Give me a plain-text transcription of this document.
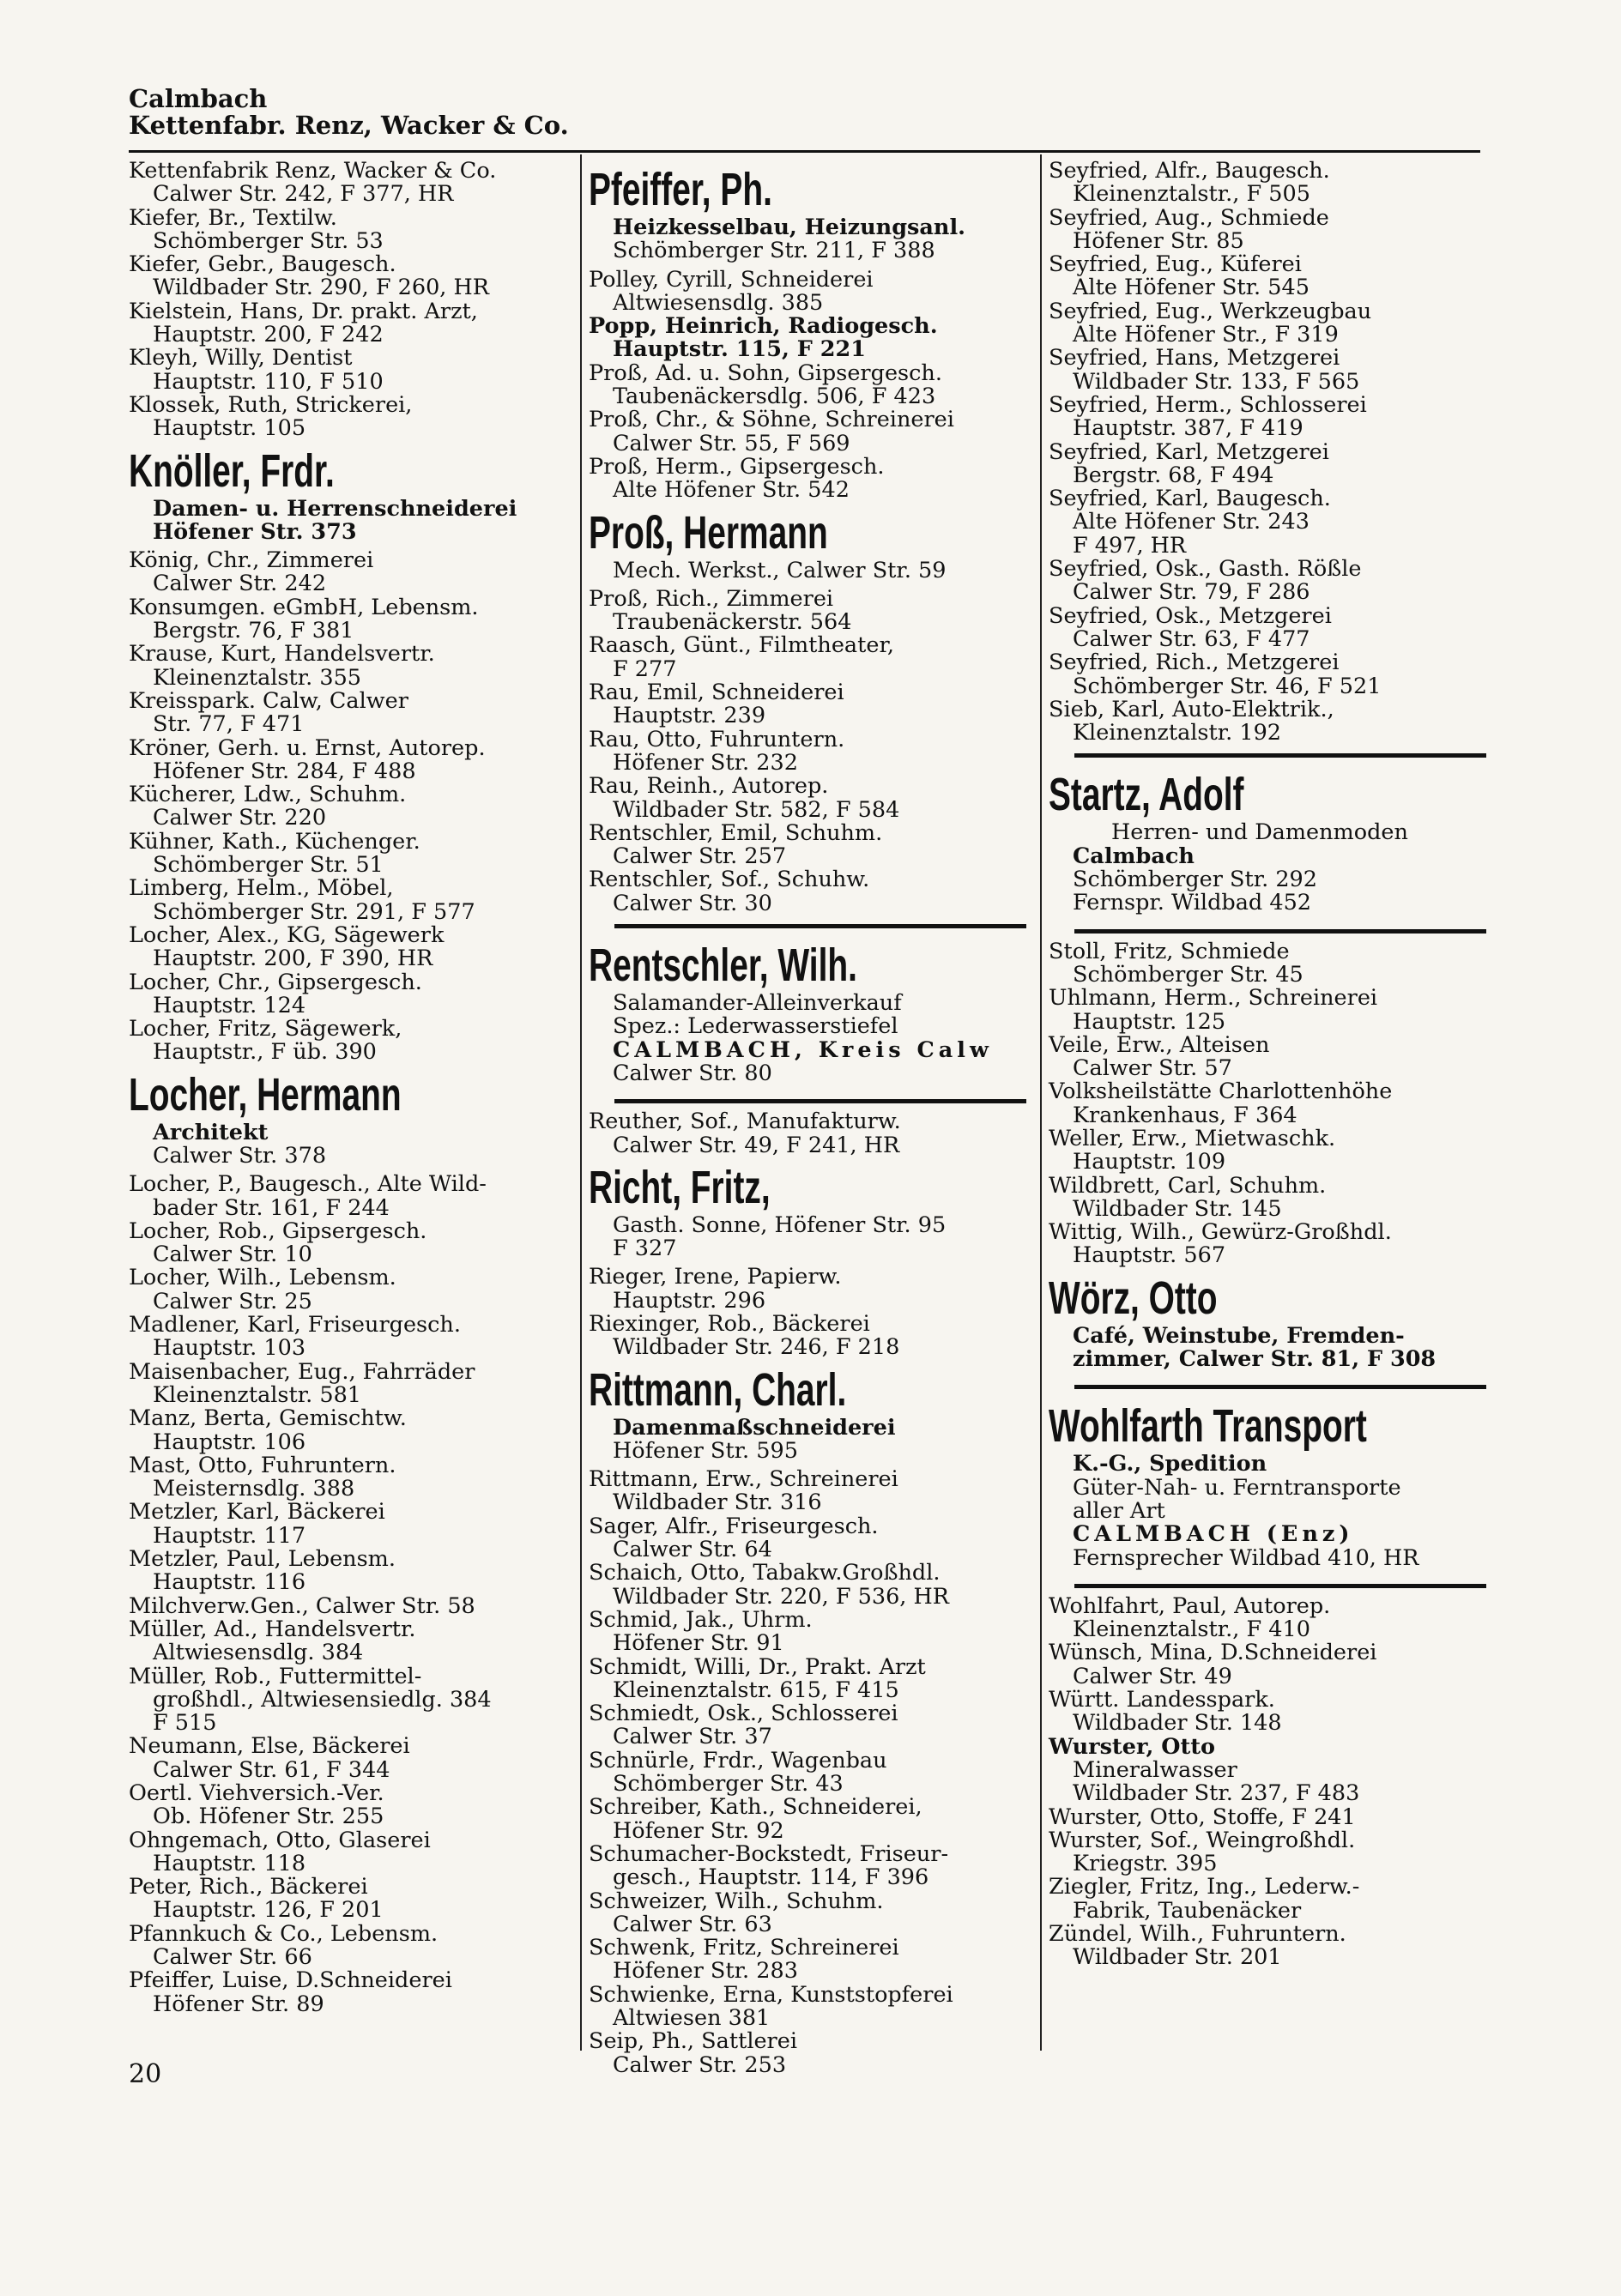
Calmbach
Kettenfabr. Renz, Wacker & Co.
Kettenfabrik Renz, Wacker & Co.
Calwer Str. 242, F 377, HR
Kiefer, Br., Textilw.
Schömberger Str. 53
Kiefer, Gebr., Baugesch.
Wildbader Str. 290, F 260, HR
Kielstein, Hans, Dr. prakt. Arzt,
Hauptstr. 200, F 242
Kleyh, Willy, Dentist
Hauptstr. 110, F 510
Klossek, Ruth, Strickerei,
Hauptstr. 105
Knöller, Frdr.
Damen- u. Herrenschneiderei
Höfener Str. 373
König, Chr., Zimmerei
Calwer Str. 242
Konsumgen. eGmbH, Lebensm.
Bergstr. 76, F 381
Krause, Kurt, Handelsvertr.
Kleinenztalstr. 355
Kreisspark. Calw, Calwer
Str. 77, F 471
Kröner, Gerh. u. Ernst, Autorep.
Höfener Str. 284, F 488
Kücherer, Ldw., Schuhm.
Calwer Str. 220
Kühner, Kath., Küchenger.
Schömberger Str. 51
Limberg, Helm., Möbel,
Schömberger Str. 291, F 577
Locher, Alex., KG, Sägewerk
Hauptstr. 200, F 390, HR
Locher, Chr., Gipsergesch.
Hauptstr. 124
Locher, Fritz, Sägewerk,
Hauptstr., F üb. 390
Locher, Hermann
Architekt
Calwer Str. 378
Locher, P., Baugesch., Alte Wild-
bader Str. 161, F 244
Locher, Rob., Gipsergesch.
Calwer Str. 10
Locher, Wilh., Lebensm.
Calwer Str. 25
Madlener, Karl, Friseurgesch.
Hauptstr. 103
Maisenbacher, Eug., Fahrräder
Kleinenztalstr. 581
Manz, Berta, Gemischtw.
Hauptstr. 106
Mast, Otto, Fuhruntern.
Meisternsdlg. 388
Metzler, Karl, Bäckerei
Hauptstr. 117
Metzler, Paul, Lebensm.
Hauptstr. 116
Milchverw.Gen., Calwer Str. 58
Müller, Ad., Handelsvertr.
Altwiesensdlg. 384
Müller, Rob., Futtermittel-
großhdl., Altwiesensiedlg. 384
F 515
Neumann, Else, Bäckerei
Calwer Str. 61, F 344
Oertl. Viehversich.-Ver.
Ob. Höfener Str. 255
Ohngemach, Otto, Glaserei
Hauptstr. 118
Peter, Rich., Bäckerei
Hauptstr. 126, F 201
Pfannkuch & Co., Lebensm.
Calwer Str. 66
Pfeiffer, Luise, D.Schneiderei
Höfener Str. 89
Pfeiffer, Ph.
Heizkesselbau, Heizungsanl.
Schömberger Str. 211, F 388
Polley, Cyrill, Schneiderei
Altwiesensdlg. 385
Popp, Heinrich, Radiogesch.
Hauptstr. 115, F 221
Proß, Ad. u. Sohn, Gipsergesch.
Taubenäckersdlg. 506, F 423
Proß, Chr., & Söhne, Schreinerei
Calwer Str. 55, F 569
Proß, Herm., Gipsergesch.
Alte Höfener Str. 542
Proß, Hermann
Mech. Werkst., Calwer Str. 59
Proß, Rich., Zimmerei
Traubenäckerstr. 564
Raasch, Günt., Filmtheater,
F 277
Rau, Emil, Schneiderei
Hauptstr. 239
Rau, Otto, Fuhruntern.
Höfener Str. 232
Rau, Reinh., Autorep.
Wildbader Str. 582, F 584
Rentschler, Emil, Schuhm.
Calwer Str. 257
Rentschler, Sof., Schuhw.
Calwer Str. 30
Rentschler, Wilh.
Salamander-Alleinverkauf
Spez.: Lederwasserstiefel
CALMBACH, Kreis Calw
Calwer Str. 80
Reuther, Sof., Manufakturw.
Calwer Str. 49, F 241, HR
Richt, Fritz,
Gasth. Sonne, Höfener Str. 95
F 327
Rieger, Irene, Papierw.
Hauptstr. 296
Riexinger, Rob., Bäckerei
Wildbader Str. 246, F 218
Rittmann, Charl.
Damenmaßschneiderei
Höfener Str. 595
Rittmann, Erw., Schreinerei
Wildbader Str. 316
Sager, Alfr., Friseurgesch.
Calwer Str. 64
Schaich, Otto, Tabakw.Großhdl.
Wildbader Str. 220, F 536, HR
Schmid, Jak., Uhrm.
Höfener Str. 91
Schmidt, Willi, Dr., Prakt. Arzt
Kleinenztalstr. 615, F 415
Schmiedt, Osk., Schlosserei
Calwer Str. 37
Schnürle, Frdr., Wagenbau
Schömberger Str. 43
Schreiber, Kath., Schneiderei,
Höfener Str. 92
Schumacher-Bockstedt, Friseur-
gesch., Hauptstr. 114, F 396
Schweizer, Wilh., Schuhm.
Calwer Str. 63
Schwenk, Fritz, Schreinerei
Höfener Str. 283
Schwienke, Erna, Kunststopferei
Altwiesen 381
Seip, Ph., Sattlerei
Calwer Str. 253
Seyfried, Alfr., Baugesch.
Kleinenztalstr., F 505
Seyfried, Aug., Schmiede
Höfener Str. 85
Seyfried, Eug., Küferei
Alte Höfener Str. 545
Seyfried, Eug., Werkzeugbau
Alte Höfener Str., F 319
Seyfried, Hans, Metzgerei
Wildbader Str. 133, F 565
Seyfried, Herm., Schlosserei
Hauptstr. 387, F 419
Seyfried, Karl, Metzgerei
Bergstr. 68, F 494
Seyfried, Karl, Baugesch.
Alte Höfener Str. 243
F 497, HR
Seyfried, Osk., Gasth. Rößle
Calwer Str. 79, F 286
Seyfried, Osk., Metzgerei
Calwer Str. 63, F 477
Seyfried, Rich., Metzgerei
Schömberger Str. 46, F 521
Sieb, Karl, Auto-Elektrik.,
Kleinenztalstr. 192
Startz, Adolf
Herren- und Damenmoden
Calmbach
Schömberger Str. 292
Fernspr. Wildbad 452
Stoll, Fritz, Schmiede
Schömberger Str. 45
Uhlmann, Herm., Schreinerei
Hauptstr. 125
Veile, Erw., Alteisen
Calwer Str. 57
Volksheilstätte Charlottenhöhe
Krankenhaus, F 364
Weller, Erw., Mietwaschk.
Hauptstr. 109
Wildbrett, Carl, Schuhm.
Wildbader Str. 145
Wittig, Wilh., Gewürz-Großhdl.
Hauptstr. 567
Wörz, Otto
Café, Weinstube, Fremden-
zimmer, Calwer Str. 81, F 308
Wohlfarth Transport
K.-G., Spedition
Güter-Nah- u. Ferntransporte
aller Art
CALMBACH (Enz)
Fernsprecher Wildbad 410, HR
Wohlfahrt, Paul, Autorep.
Kleinenztalstr., F 410
Wünsch, Mina, D.Schneiderei
Calwer Str. 49
Württ. Landesspark.
Wildbader Str. 148
Wurster, Otto
Mineralwasser
Wildbader Str. 237, F 483
Wurster, Otto, Stoffe, F 241
Wurster, Sof., Weingroßhdl.
Kriegstr. 395
Ziegler, Fritz, Ing., Lederw.-
Fabrik, Taubenäcker
Zündel, Wilh., Fuhruntern.
Wildbader Str. 201
20
